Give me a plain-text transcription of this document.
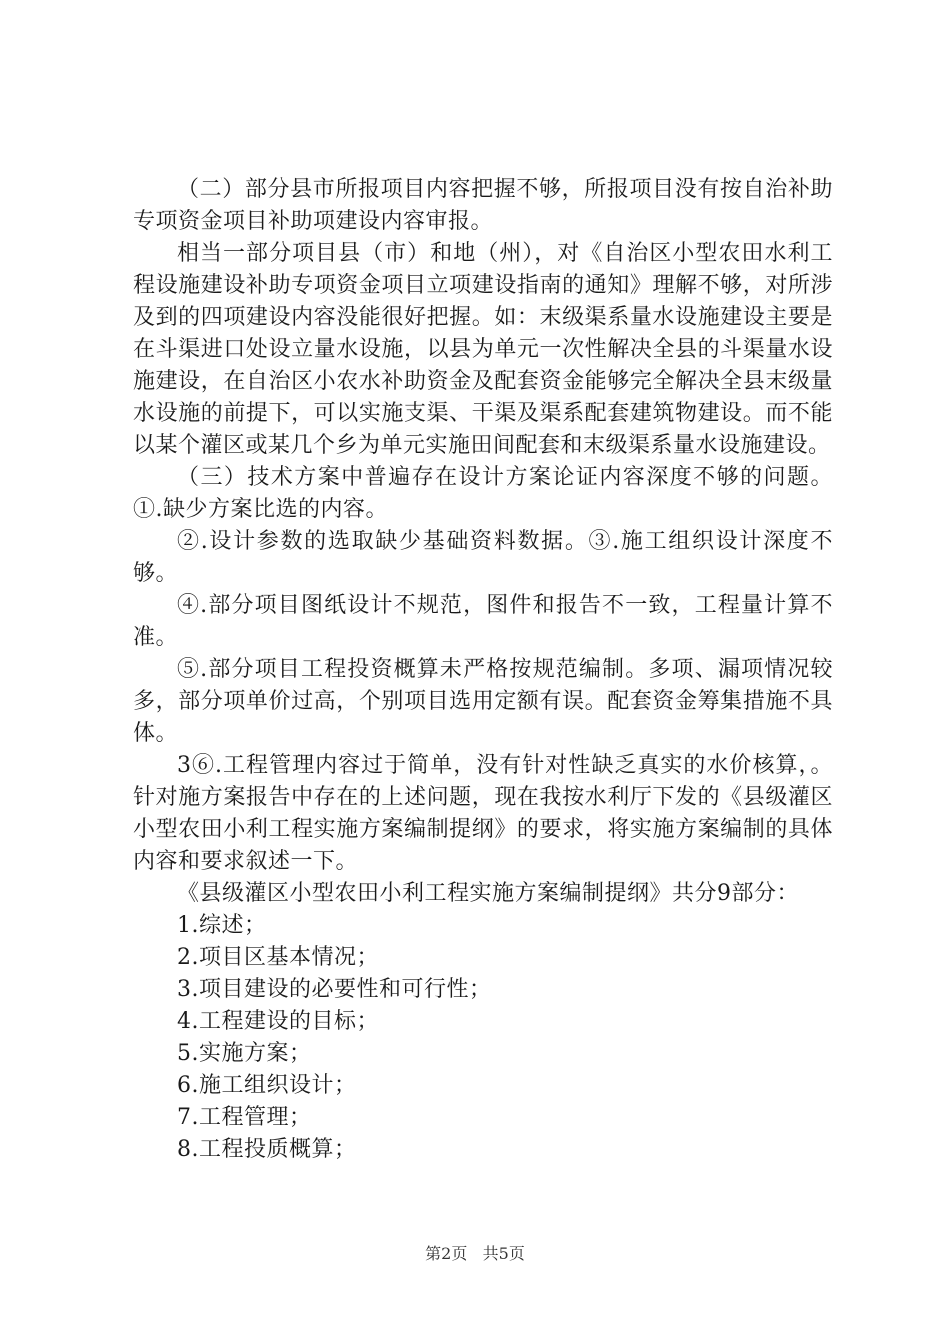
（二）部分县市所报项目内容把握不够，所报项目没有按自治补助专项资金项目补助项建设内容审报。

相当一部分项目县（市）和地（州），对《自治区小型农田水利工程设施建设补助专项资金项目立项建设指南的通知》理解不够，对所涉及到的四项建设内容没能很好把握。如：末级渠系量水设施建设主要是在斗渠进口处设立量水设施，以县为单元一次性解决全县的斗渠量水设施建设，在自治区小农水补助资金及配套资金能够完全解决全县末级量水设施的前提下，可以实施支渠、干渠及渠系配套建筑物建设。而不能以某个灌区或某几个乡为单元实施田间配套和末级渠系量水设施建设。

（三）技术方案中普遍存在设计方案论证内容深度不够的问题。①.缺少方案比选的内容。

②.设计参数的选取缺少基础资料数据。③.施工组织设计深度不够。

④.部分项目图纸设计不规范，图件和报告不一致，工程量计算不准。

⑤.部分项目工程投资概算未严格按规范编制。多项、漏项情况较多，部分项单价过高，个别项目选用定额有误。配套资金筹集措施不具体。

3⑥.工程管理内容过于简单，没有针对性缺乏真实的水价核算，。针对施方案报告中存在的上述问题，现在我按水利厅下发的《县级灌区小型农田小利工程实施方案编制提纲》的要求，将实施方案编制的具体内容和要求叙述一下。

《县级灌区小型农田小利工程实施方案编制提纲》共分9部分：

1.综述；
2.项目区基本情况；
3.项目建设的必要性和可行性；
4.工程建设的目标；
5.实施方案；
6.施工组织设计；
7.工程管理；
8.工程投质概算；
第2页 共5页
